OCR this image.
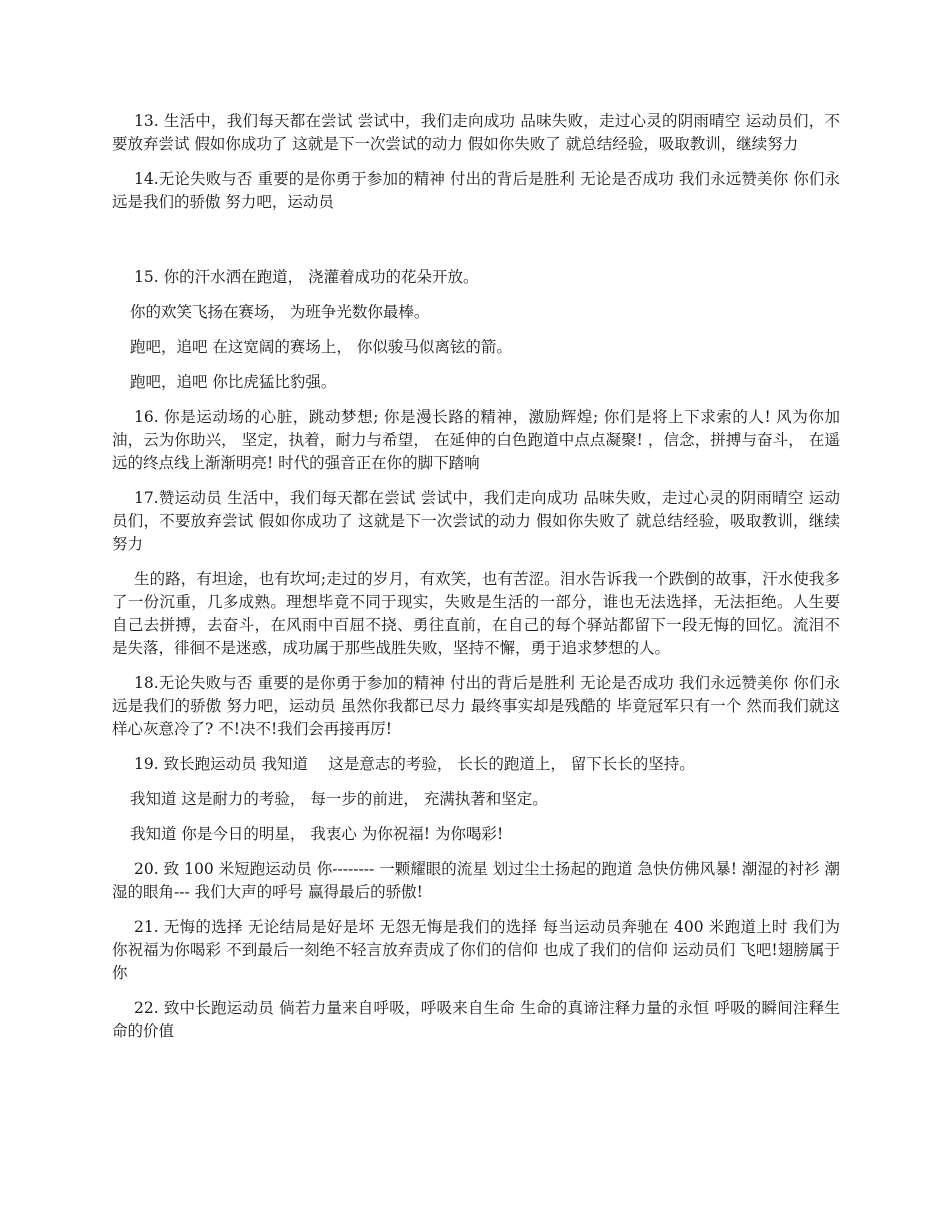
13. 生活中，我们每天都在尝试 尝试中，我们走向成功 品味失败，走过心灵的阴雨晴空 运动员们，不要放弃尝试 假如你成功了 这就是下一次尝试的动力 假如你失败了 就总结经验，吸取教训，继续努力

14.无论失败与否 重要的是你勇于参加的精神 付出的背后是胜利 无论是否成功 我们永远赞美你 你们永远是我们的骄傲 努力吧，运动员

15. 你的汗水洒在跑道， 浇灌着成功的花朵开放。

你的欢笑飞扬在赛场， 为班争光数你最棒。

跑吧，追吧 在这宽阔的赛场上， 你似骏马似离铉的箭。

跑吧，追吧 你比虎猛比豹强。

16. 你是运动场的心脏，跳动梦想; 你是漫长路的精神，激励辉煌; 你们是将上下求索的人! 风为你加油，云为你助兴， 坚定，执着，耐力与希望， 在延伸的白色跑道中点点凝聚! ，信念，拼搏与奋斗， 在遥远的终点线上渐渐明亮! 时代的强音正在你的脚下踏响

17.赞运动员 生活中，我们每天都在尝试 尝试中，我们走向成功 品味失败，走过心灵的阴雨晴空 运动员们，不要放弃尝试 假如你成功了 这就是下一次尝试的动力 假如你失败了 就总结经验，吸取教训，继续努力

生的路，有坦途，也有坎坷;走过的岁月，有欢笑，也有苦涩。泪水告诉我一个跌倒的故事，汗水使我多了一份沉重，几多成熟。理想毕竟不同于现实，失败是生活的一部分，谁也无法选择，无法拒绝。人生要自己去拼搏，去奋斗，在风雨中百屈不挠、勇往直前，在自己的每个驿站都留下一段无悔的回忆。流泪不是失落，徘徊不是迷惑，成功属于那些战胜失败，坚持不懈，勇于追求梦想的人。

18.无论失败与否 重要的是你勇于参加的精神 付出的背后是胜利 无论是否成功 我们永远赞美你 你们永远是我们的骄傲 努力吧，运动员 虽然你我都已尽力 最终事实却是残酷的 毕竟冠军只有一个 然而我们就这样心灰意冷了? 不!决不!我们会再接再厉!

19. 致长跑运动员 我知道　 这是意志的考验， 长长的跑道上， 留下长长的坚持。

我知道 这是耐力的考验， 每一步的前进， 充满执著和坚定。

我知道 你是今日的明星， 我衷心 为你祝福! 为你喝彩!

20. 致 100 米短跑运动员 你-------- 一颗耀眼的流星 划过尘土扬起的跑道 急快仿佛风暴! 潮湿的衬衫 潮湿的眼角--- 我们大声的呼号 赢得最后的骄傲!

21. 无悔的选择 无论结局是好是坏 无怨无悔是我们的选择 每当运动员奔驰在 400 米跑道上时 我们为你祝福为你喝彩 不到最后一刻绝不轻言放弃责成了你们的信仰 也成了我们的信仰 运动员们 飞吧!翅膀属于你

22. 致中长跑运动员 倘若力量来自呼吸，呼吸来自生命 生命的真谛注释力量的永恒 呼吸的瞬间注释生命的价值
